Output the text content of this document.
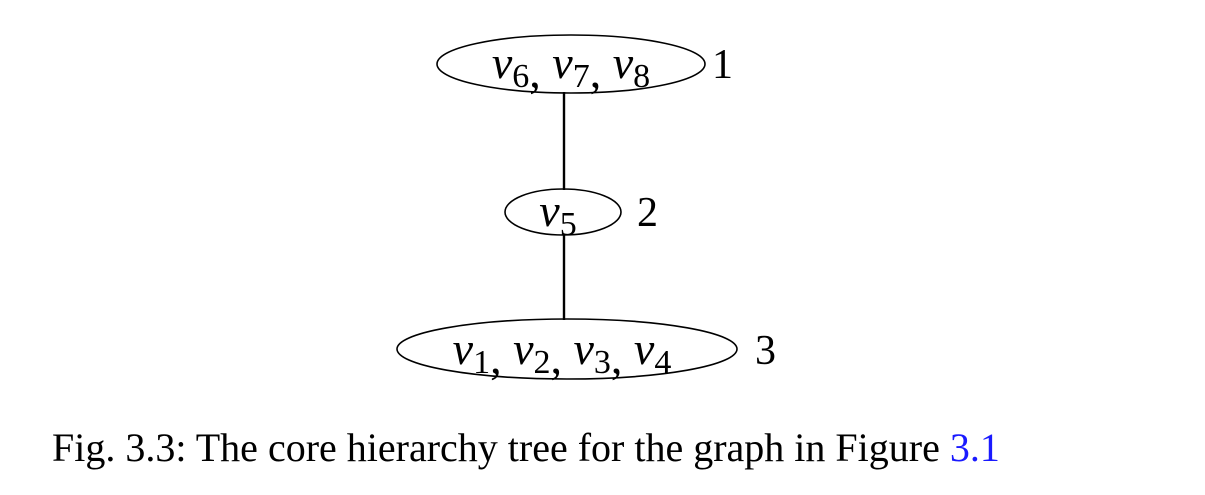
v6, v7, v8 1
v5 2
v1, v2, v3, v4 3

Fig. 3.3: The core hierarchy tree for the graph in Figure 3.1
